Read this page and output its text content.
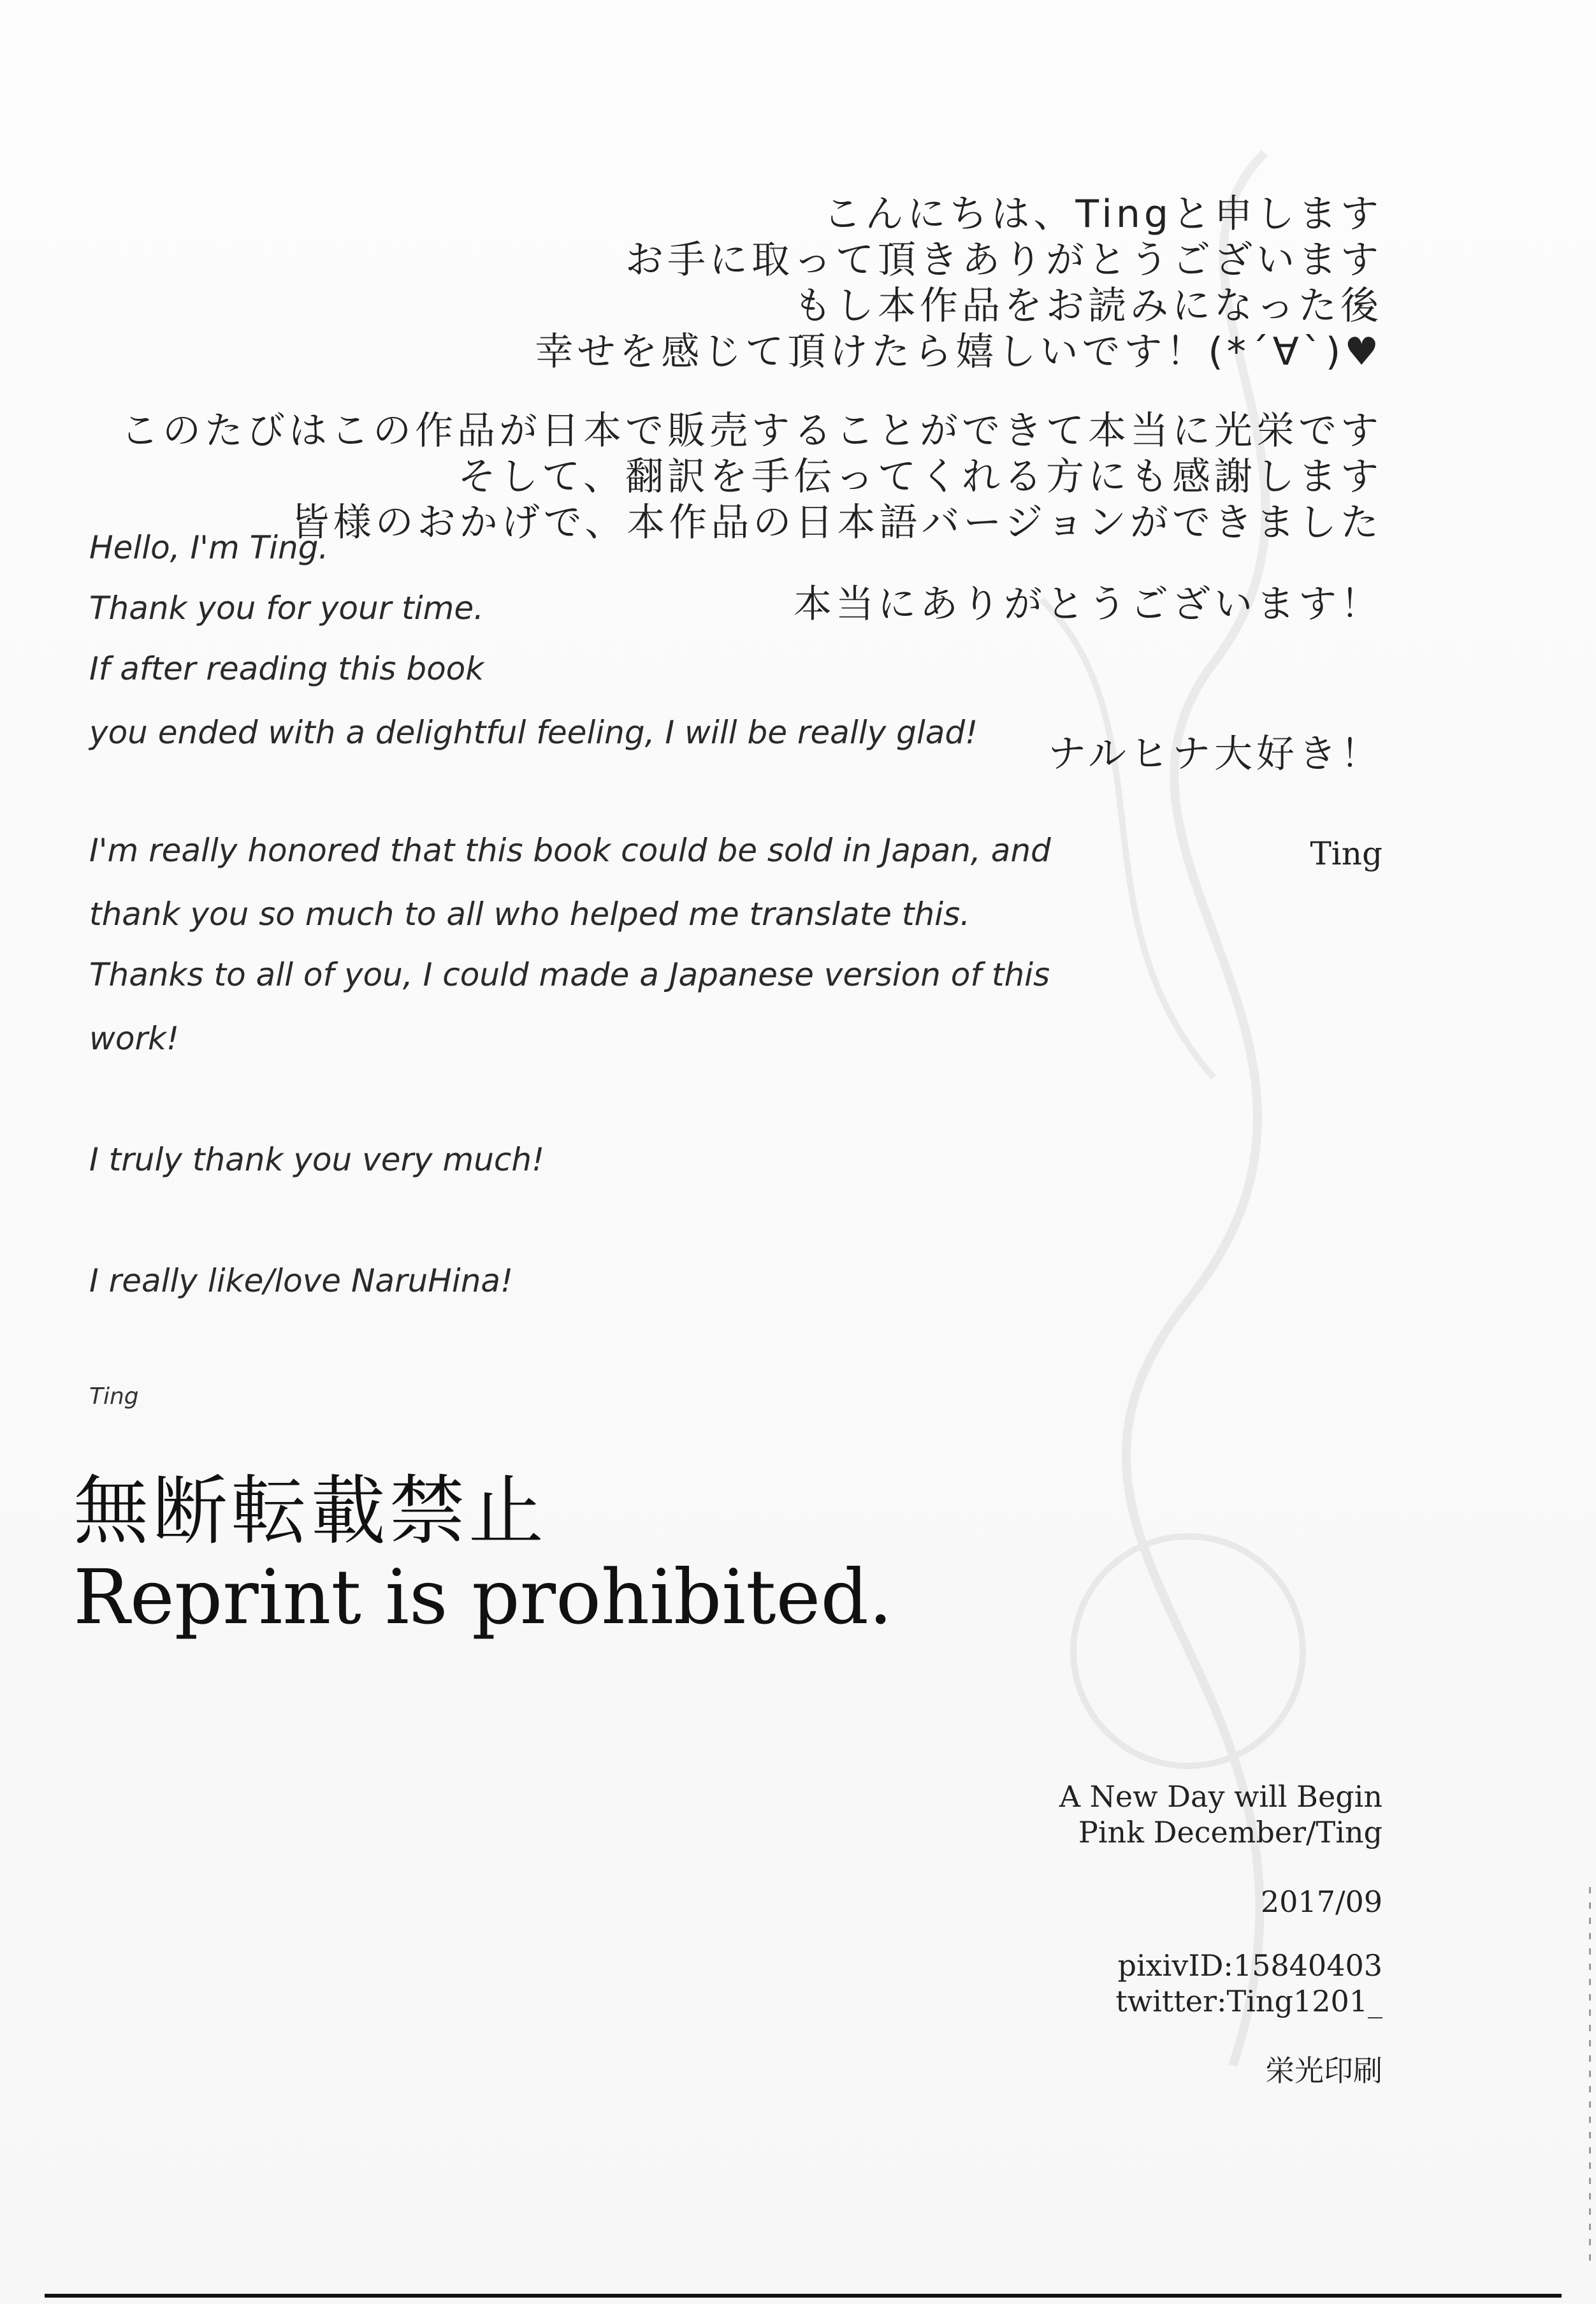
こんにちは、Tingと申します
お手に取って頂きありがとうございます
もし本作品をお読みになった後
幸せを感じて頂けたら嬉しいです！(*´∀`)♥
このたびはこの作品が日本で販売することができて本当に光栄です
そして、翻訳を手伝ってくれる方にも感謝します
皆様のおかげで、本作品の日本語バージョンができました
本当にありがとうございます！
ナルヒナ大好き！
Ting
Hello, I'm Ting.
Thank you for your time.
If after reading this book
you ended with a delightful feeling, I will be really glad!
I'm really honored that this book could be sold in Japan, and
thank you so much to all who helped me translate this.
Thanks to all of you, I could made a Japanese version of this
work!
I truly thank you very much!
I really like/love NaruHina!
Ting
無断転載禁止
Reprint is prohibited.
A New Day will Begin
Pink December/Ting
2017/09
pixivID:15840403
twitter:Ting1201_
栄光印刷
